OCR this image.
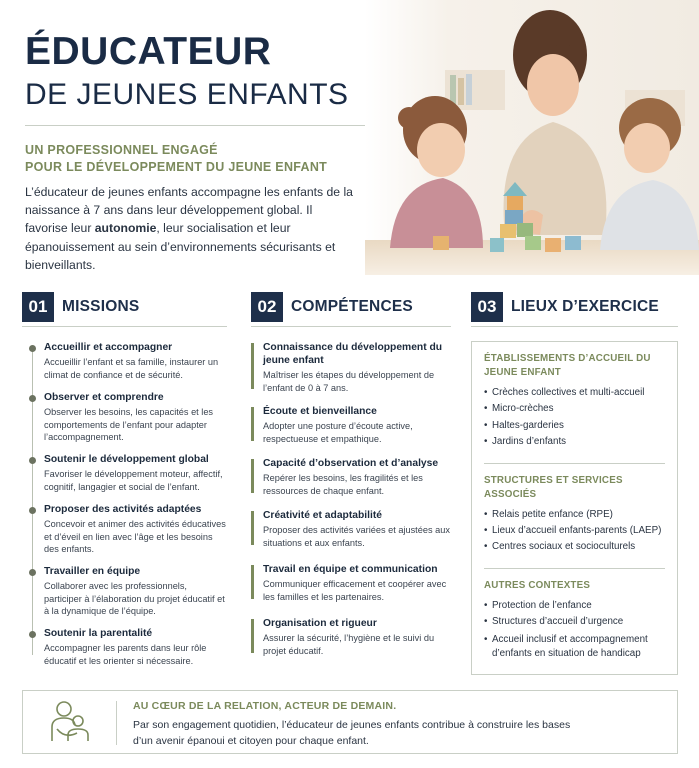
ÉDUCATEUR
DE JEUNES ENFANTS
UN PROFESSIONNEL ENGAGÉ
POUR LE DÉVELOPPEMENT DU JEUNE ENFANT
L’éducateur de jeunes enfants accompagne les enfants de la naissance à 7 ans dans leur développement global. Il favorise leur autonomie, leur socialisation et leur épanouissement au sein d’environnements sécurisants et bienveillants.
01 MISSIONS
Accueillir et accompagner
Accueillir l’enfant et sa famille, instaurer un climat de confiance et de sécurité.
Observer et comprendre
Observer les besoins, les capacités et les comportements de l’enfant pour adapter l’accompagnement.
Soutenir le développement global
Favoriser le développement moteur, affectif, cognitif, langagier et social de l’enfant.
Proposer des activités adaptées
Concevoir et animer des activités éducatives et d’éveil en lien avec l’âge et les besoins des enfants.
Travailler en équipe
Collaborer avec les professionnels, participer à l’élaboration du projet éducatif et à la dynamique de l’équipe.
Soutenir la parentalité
Accompagner les parents dans leur rôle éducatif et les orienter si nécessaire.
02 COMPÉTENCES
Connaissance du développement du jeune enfant
Maîtriser les étapes du développement de l’enfant de 0 à 7 ans.
Écoute et bienveillance
Adopter une posture d’écoute active, respectueuse et empathique.
Capacité d’observation et d’analyse
Repérer les besoins, les fragilités et les ressources de chaque enfant.
Créativité et adaptabilité
Proposer des activités variées et ajustées aux situations et aux enfants.
Travail en équipe et communication
Communiquer efficacement et coopérer avec les familles et les partenaires.
Organisation et rigueur
Assurer la sécurité, l’hygiène et le suivi du projet éducatif.
03 LIEUX D’EXERCICE
ÉTABLISSEMENTS D’ACCUEIL DU JEUNE ENFANT
• Crèches collectives et multi-accueil
• Micro-crèches
• Haltes-garderies
• Jardins d’enfants
STRUCTURES ET SERVICES ASSOCIÉS
• Relais petite enfance (RPE)
• Lieux d’accueil enfants-parents (LAEP)
• Centres sociaux et socioculturels
AUTRES CONTEXTES
• Protection de l’enfance
• Structures d’accueil d’urgence
• Accueil inclusif et accompagnement d’enfants en situation de handicap
AU CŒUR DE LA RELATION, ACTEUR DE DEMAIN.
Par son engagement quotidien, l’éducateur de jeunes enfants contribue à construire les bases d’un avenir épanoui et citoyen pour chaque enfant.
